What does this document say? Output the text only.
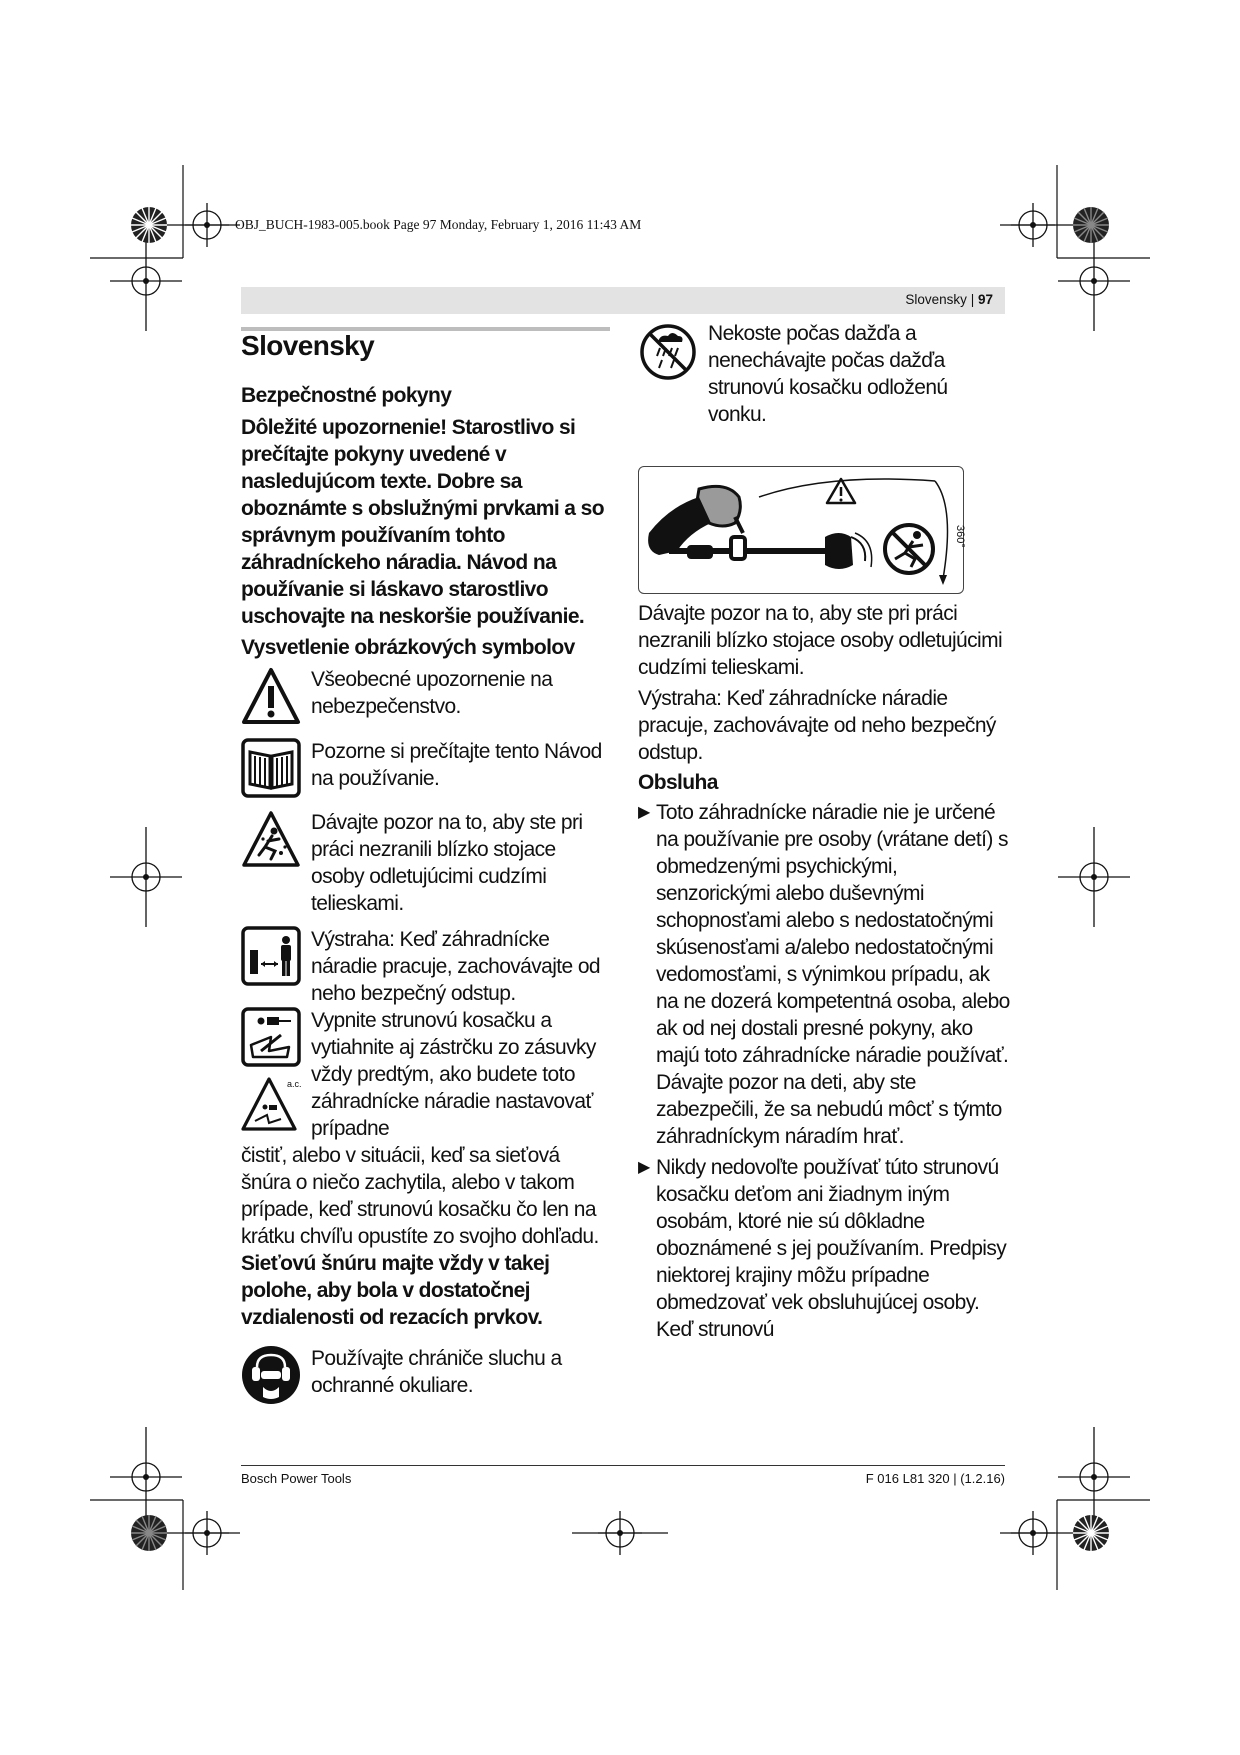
OBJ_BUCH-1983-005.book Page 97 Monday, February 1, 2016 11:43 AM
Slovensky | 97
Slovensky

Bezpečnostné pokyny

Dôležité upozornenie! Starostlivo si prečítajte pokyny uvedené v nasledujúcom texte. Dobre sa oboznámte s obslužnými prvkami a so správnym používaním tohto záhradníckeho náradia. Návod na používanie si láskavo starostlivo uschovajte na neskoršie používanie.

Vysvetlenie obrázkových symbolov

Všeobecné upozornenie na nebezpečenstvo.
Pozorne si prečítajte tento Návod na používanie.
Dávajte pozor na to, aby ste pri práci nezranili blízko stojace osoby odletujúcimi cudzími telieskami.
Výstraha: Keď záhradnícke náradie pracuje, zachovávajte od neho bezpečný odstup.
a.c.
Vypnite strunovú kosačku a vytiahnite aj zástrčku zo zásuvky vždy predtým, ako budete toto záhradnícke náradie nastavovať prípadne

čistiť, alebo v situácii, keď sa sieťová šnúra o niečo zachytila, alebo v takom prípade, keď strunovú kosačku čo len na krátku chvíľu opustíte zo svojho dohľadu. Sieťovú šnúru majte vždy v takej polohe, aby bola v dostatočnej vzdialenosti od rezacích prvkov.

Používajte chrániče sluchu a ochranné okuliare.
Nekoste počas dažďa a nenechávajte počas dažďa strunovú kosačku odloženú vonku.
360°

Dávajte pozor na to, aby ste pri práci nezranili blízko stojace osoby odletujúcimi cudzími telieskami.

Výstraha: Keď záhradnícke náradie pracuje, zachovávajte od neho bezpečný odstup.

Obsluha

▶ Toto záhradnícke náradie nie je určené na používanie pre osoby (vrátane detí) s obmedzenými psychickými, senzorickými alebo duševnými schopnosťami alebo s nedostatočnými skúsenosťami a/alebo nedostatočnými vedomosťami, s výnimkou prípadu, ak na ne dozerá kompetentná osoba, alebo ak od nej dostali presné pokyny, ako majú toto záhradnícke náradie používať.
Dávajte pozor na deti, aby ste zabezpečili, že sa nebudú môcť s týmto záhradníckym náradím hrať.
▶ Nikdy nedovoľte používať túto strunovú kosačku deťom ani žiadnym iným osobám, ktoré nie sú dôkladne oboznámené s jej používaním. Predpisy niektorej krajiny môžu prípadne obmedzovať vek obsluhujúcej osoby. Keď strunovú
Bosch Power Tools	F 016 L81 320 | (1.2.16)
